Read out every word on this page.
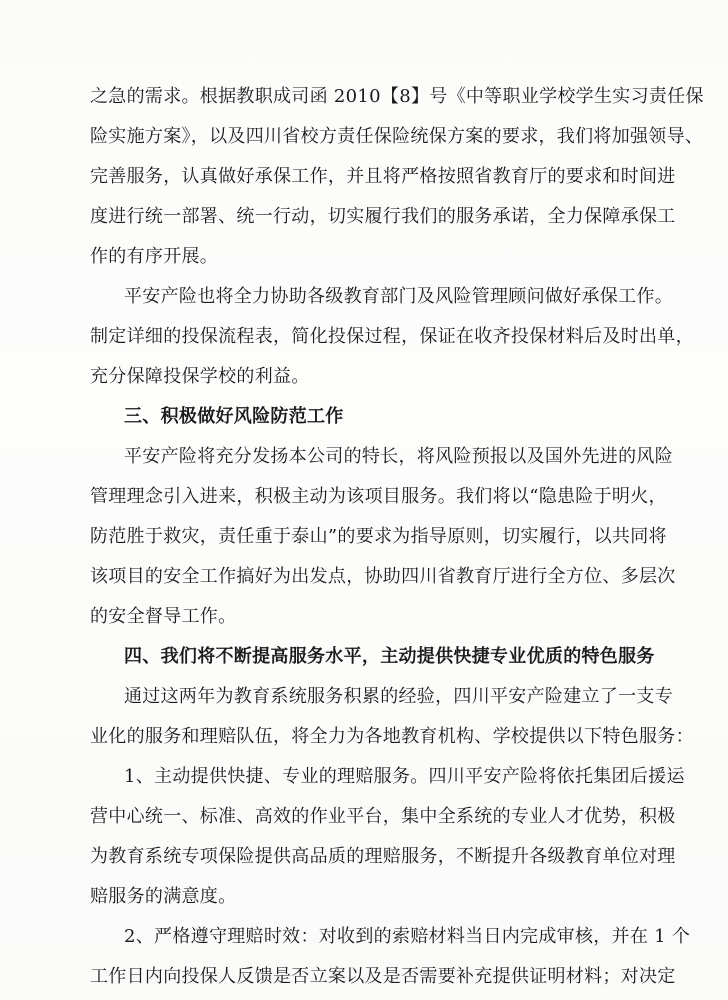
之急的需求。根据教职成司函 2010【8】号《中等职业学校学生实习责任保
险实施方案》，以及四川省校方责任保险统保方案的要求，我们将加强领导、
完善服务，认真做好承保工作，并且将严格按照省教育厅的要求和时间进
度进行统一部署、统一行动，切实履行我们的服务承诺，全力保障承保工
作的有序开展。
平安产险也将全力协助各级教育部门及风险管理顾问做好承保工作。
制定详细的投保流程表，简化投保过程，保证在收齐投保材料后及时出单，
充分保障投保学校的利益。
三、积极做好风险防范工作
平安产险将充分发扬本公司的特长，将风险预报以及国外先进的风险
管理理念引入进来，积极主动为该项目服务。我们将以“隐患险于明火，
防范胜于救灾，责任重于泰山”的要求为指导原则，切实履行，以共同将
该项目的安全工作搞好为出发点，协助四川省教育厅进行全方位、多层次
的安全督导工作。
四、我们将不断提高服务水平，主动提供快捷专业优质的特色服务
通过这两年为教育系统服务积累的经验，四川平安产险建立了一支专
业化的服务和理赔队伍，将全力为各地教育机构、学校提供以下特色服务：
1、主动提供快捷、专业的理赔服务。四川平安产险将依托集团后援运
营中心统一、标准、高效的作业平台，集中全系统的专业人才优势，积极
为教育系统专项保险提供高品质的理赔服务，不断提升各级教育单位对理
赔服务的满意度。
2、严格遵守理赔时效：对收到的索赔材料当日内完成审核，并在 1 个
工作日内向投保人反馈是否立案以及是否需要补充提供证明材料；对决定
